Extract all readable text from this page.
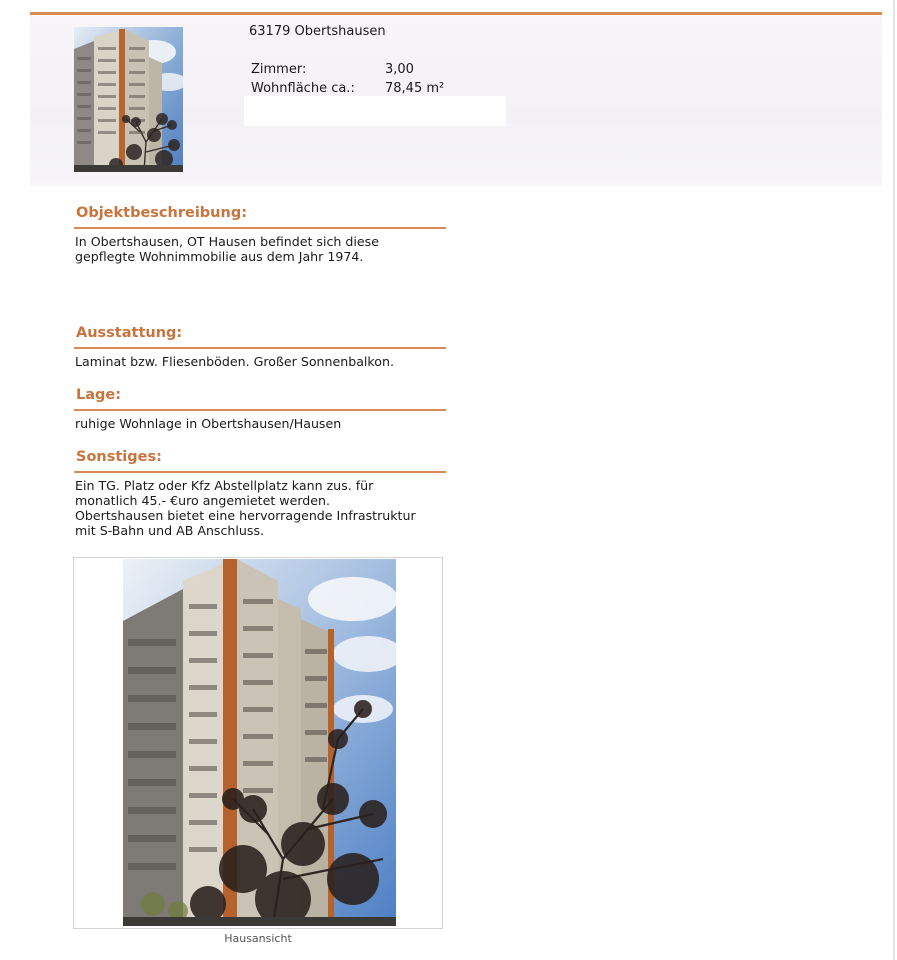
63179 Obertshausen
Zimmer:	3,00
Wohnfläche ca.: 78,45 m²
Objektbeschreibung:
In Obertshausen, OT Hausen befindet sich diese
gepflegte Wohnimmobilie aus dem Jahr 1974.
Ausstattung:
Laminat bzw. Fliesenböden. Großer Sonnenbalkon.
Lage:
ruhige Wohnlage in Obertshausen/Hausen
Sonstiges:
Ein TG. Platz oder Kfz Abstellplatz kann zus. für
monatlich 45.- €uro angemietet werden.
Obertshausen bietet eine hervorragende Infrastruktur
mit S-Bahn und AB Anschluss.
Hausansicht
